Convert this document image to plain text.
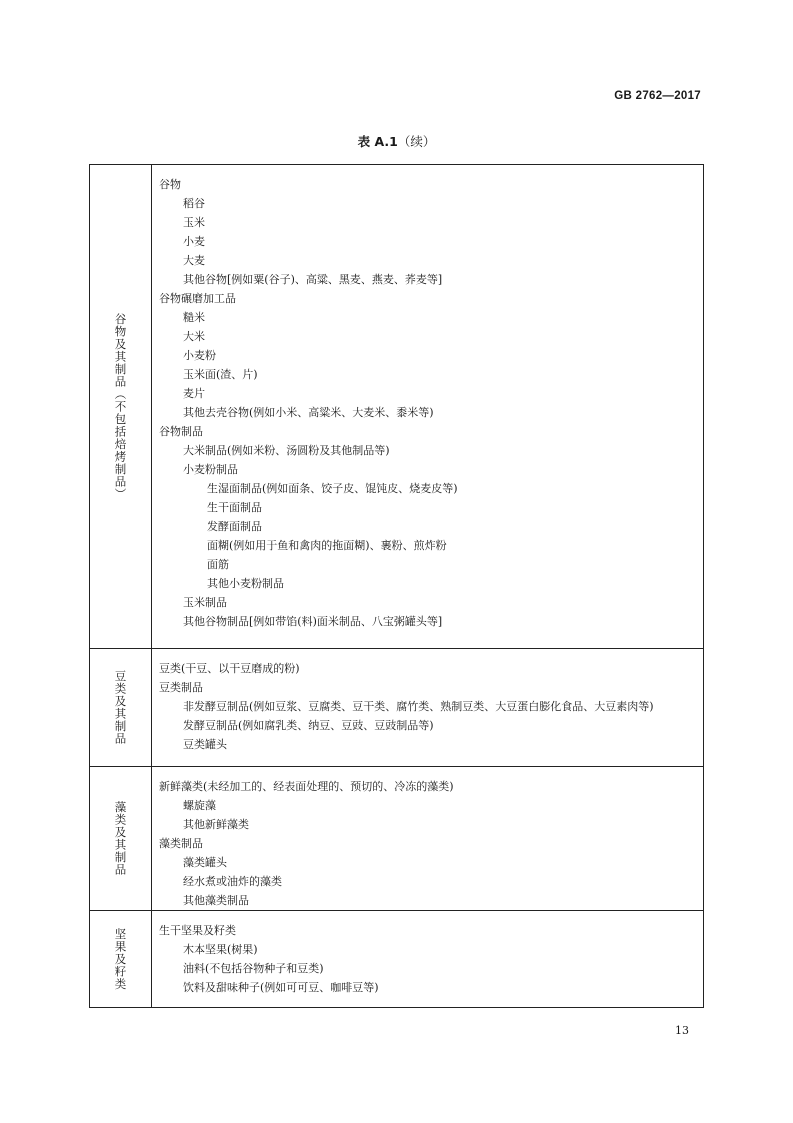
GB 2762—2017
表 A.1（续）
谷物及其制品（不包括焙烤制品）
谷物
稻谷
玉米
小麦
大麦
其他谷物[例如粟(谷子)、高粱、黑麦、燕麦、荞麦等]
谷物碾磨加工品
糙米
大米
小麦粉
玉米面(渣、片)
麦片
其他去壳谷物(例如小米、高粱米、大麦米、黍米等)
谷物制品
大米制品(例如米粉、汤圆粉及其他制品等)
小麦粉制品
生湿面制品(例如面条、饺子皮、馄饨皮、烧麦皮等)
生干面制品
发酵面制品
面糊(例如用于鱼和禽肉的拖面糊)、裹粉、煎炸粉
面筋
其他小麦粉制品
玉米制品
其他谷物制品[例如带馅(料)面米制品、八宝粥罐头等]
豆类及其制品
豆类(干豆、以干豆磨成的粉)
豆类制品
非发酵豆制品(例如豆浆、豆腐类、豆干类、腐竹类、熟制豆类、大豆蛋白膨化食品、大豆素肉等)
发酵豆制品(例如腐乳类、纳豆、豆豉、豆豉制品等)
豆类罐头
藻类及其制品
新鲜藻类(未经加工的、经表面处理的、预切的、冷冻的藻类)
螺旋藻
其他新鲜藻类
藻类制品
藻类罐头
经水煮或油炸的藻类
其他藻类制品
坚果及籽类	生干坚果及籽类
木本坚果(树果)
油料(不包括谷物种子和豆类)
饮料及甜味种子(例如可可豆、咖啡豆等)
13
